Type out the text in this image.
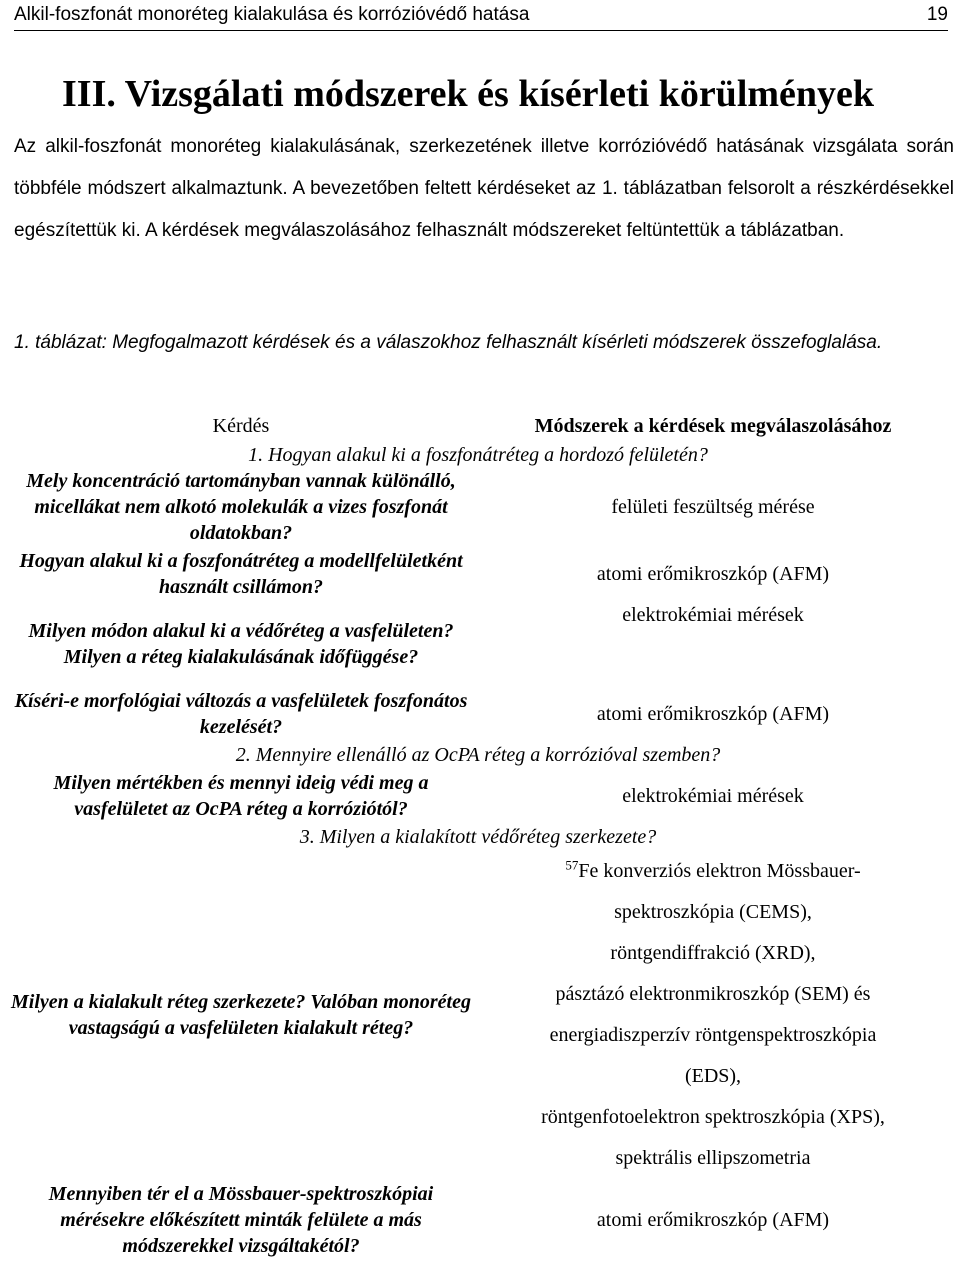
Alkil-foszfonát monoréteg kialakulása és korrózióvédő hatása	19
III. Vizsgálati módszerek és kísérleti körülmények
Az alkil-foszfonát monoréteg kialakulásának, szerkezetének illetve korrózióvédő hatásának vizsgálata során többféle módszert alkalmaztunk. A bevezetőben feltett kérdéseket az 1. táblázatban felsorolt a részkérdésekkel egészítettük ki. A kérdések megválaszolásához felhasznált módszereket feltüntettük a táblázatban.
1. táblázat: Megfogalmazott kérdések és a válaszokhoz felhasznált kísérleti módszerek összefoglalása.
Kérdés	Módszerek a kérdések megválaszolásához
1. Hogyan alakul ki a foszfonátréteg a hordozó felületén?
Mely koncentráció tartományban vannak különálló, micellákat nem alkotó molekulák a vizes foszfonát oldatokban?
felületi feszültség mérése
Hogyan alakul ki a foszfonátréteg a modellfelületként használt csillámon?
atomi erőmikroszkóp (AFM)
Milyen módon alakul ki a védőréteg a vasfelületen? Milyen a réteg kialakulásának időfüggése?
elektrokémiai mérések
Kíséri-e morfológiai változás a vasfelületek foszfonátos kezelését?
atomi erőmikroszkóp (AFM)
2. Mennyire ellenálló az OcPA réteg a korrózióval szemben?
Milyen mértékben és mennyi ideig védi meg a vasfelületet az OcPA réteg a korróziótól?
elektrokémiai mérések
3. Milyen a kialakított védőréteg szerkezete?
Milyen a kialakult réteg szerkezete? Valóban monoréteg vastagságú a vasfelületen kialakult réteg?
$^{57}$Fe konverziós elektron Mössbauer-
spektroszkópia (CEMS),
röntgendiffrakció (XRD),
pásztázó elektronmikroszkóp (SEM) és
energiadiszperzív röntgenspektroszkópia
(EDS),
röntgenfotoelektron spektroszkópia (XPS),
spektrális ellipszometria
Mennyiben tér el a Mössbauer-spektroszkópiai mérésekre előkészített minták felülete a más módszerekkel vizsgáltakétól?
atomi erőmikroszkóp (AFM)
